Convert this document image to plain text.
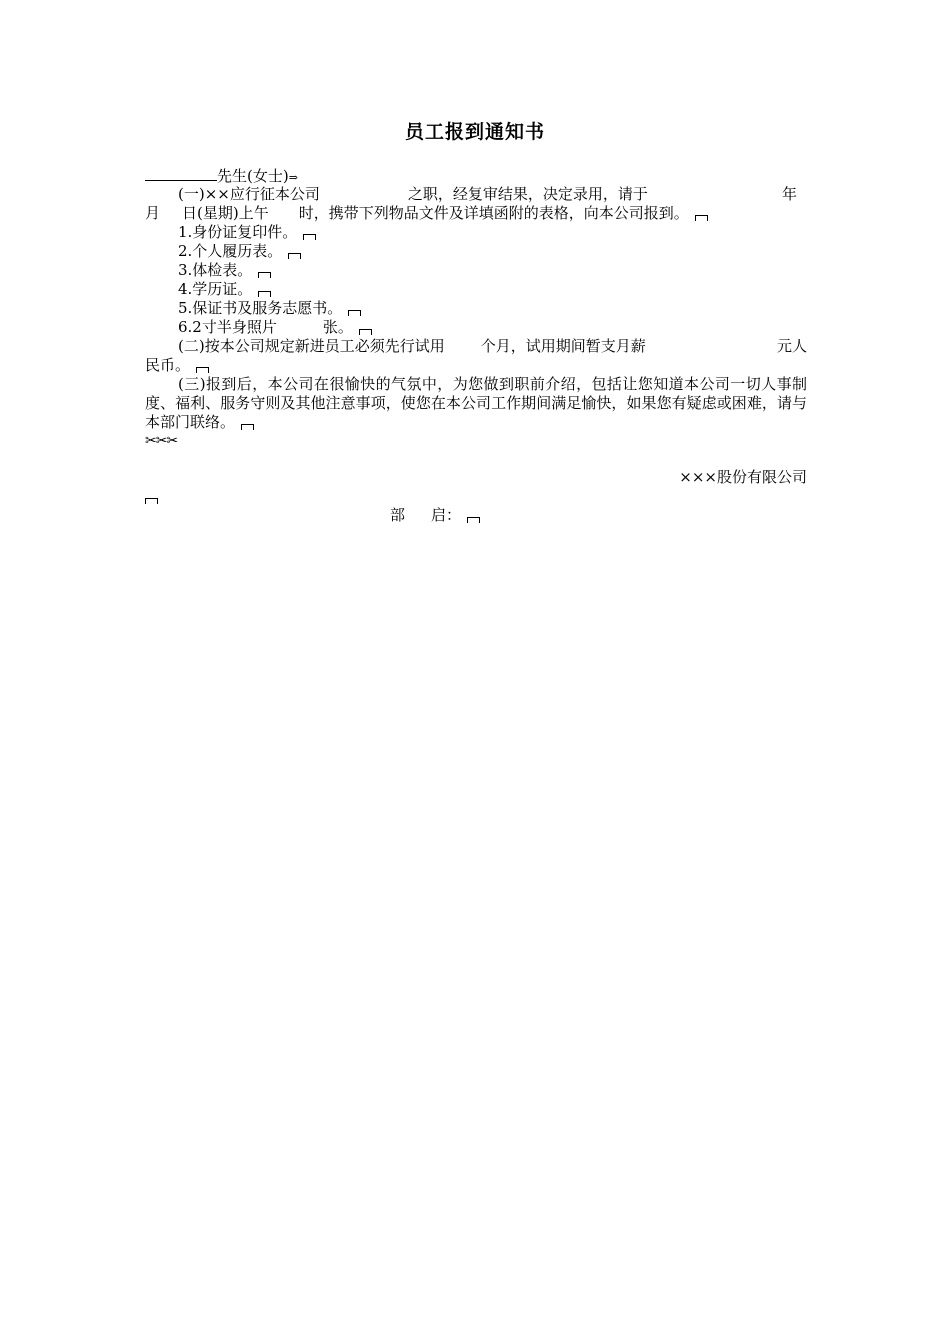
员工报到通知书
先生(女士)⇒
(一)××应行征本公司	之职，经复审结果，决定录用，请于	年
月 日(星期)上午 时，携带下列物品文件及详填函附的表格，向本公司报到。
1.身份证复印件。
2.个人履历表。
3.体检表。
4.学历证。
5.保证书及服务志愿书。
6.2寸半身照片	张。
(二)按本公司规定新进员工必须先行试用 个月，试用期间暂支月薪	元人
民币。
(三)报到后，本公司在很愉快的气氛中，为您做到职前介绍，包括让您知道本公司一切人事制度、福利、服务守则及其他注意事项，使您在本公司工作期间满足愉快，如果您有疑虑或困难，请与本部门联络。
✂✂✂
×××股份有限公司
部 启：
